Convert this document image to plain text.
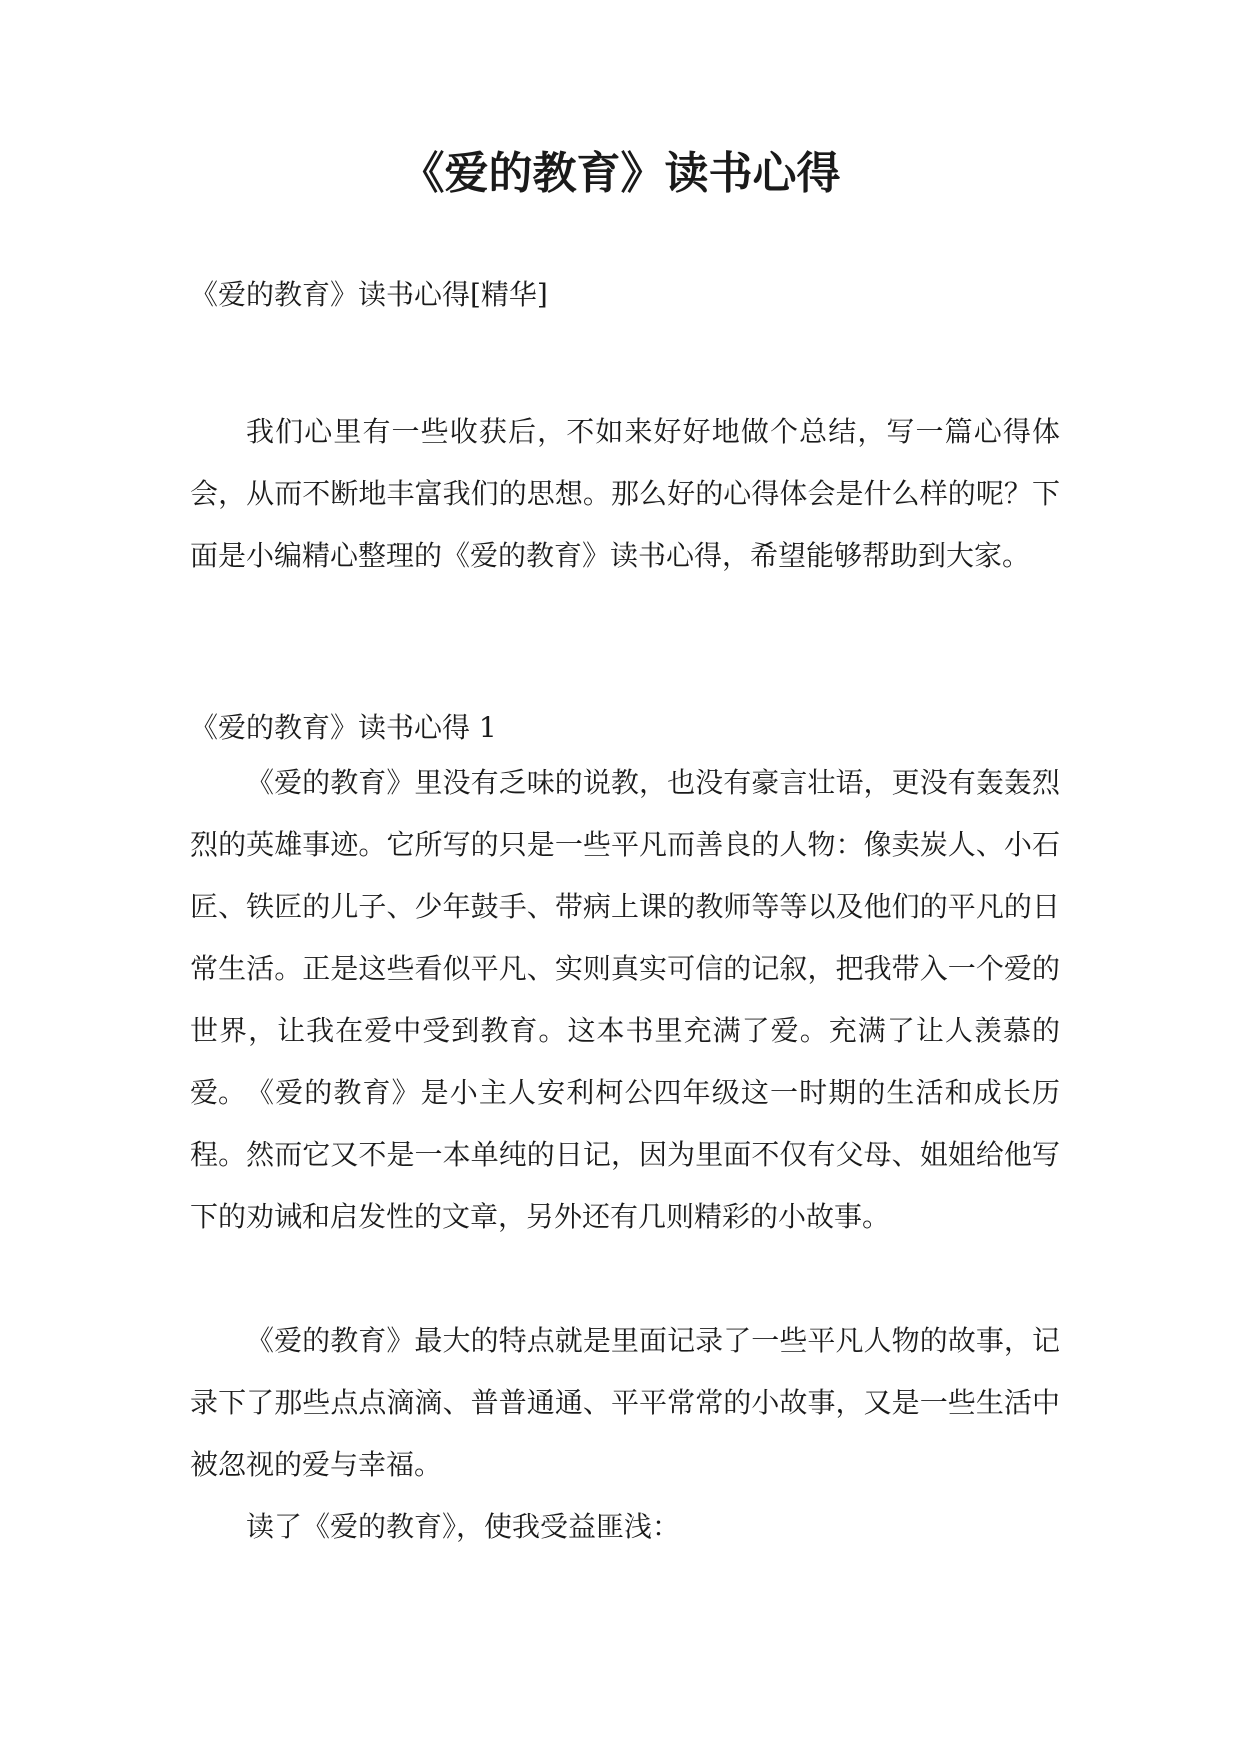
《爱的教育》读书心得

《爱的教育》读书心得[精华]

我们心里有一些收获后，不如来好好地做个总结，写一篇心得体会，从而不断地丰富我们的思想。那么好的心得体会是什么样的呢？下面是小编精心整理的《爱的教育》读书心得，希望能够帮助到大家。

《爱的教育》读书心得 1

《爱的教育》里没有乏味的说教，也没有豪言壮语，更没有轰轰烈烈的英雄事迹。它所写的只是一些平凡而善良的人物：像卖炭人、小石匠、铁匠的儿子、少年鼓手、带病上课的教师等等以及他们的平凡的日常生活。正是这些看似平凡、实则真实可信的记叙，把我带入一个爱的世界，让我在爱中受到教育。这本书里充满了爱。充满了让人羡慕的爱。 《爱的教育》是小主人安利柯公四年级这一时期的生活和成长历程。然而它又不是一本单纯的日记，因为里面不仅有父母、姐姐给他写下的劝诫和启发性的文章，另外还有几则精彩的小故事。

《爱的教育》最大的特点就是里面记录了一些平凡人物的故事，记录下了那些点点滴滴、普普通通、平平常常的小故事，又是一些生活中被忽视的爱与幸福。

读了《爱的教育》，使我受益匪浅：
